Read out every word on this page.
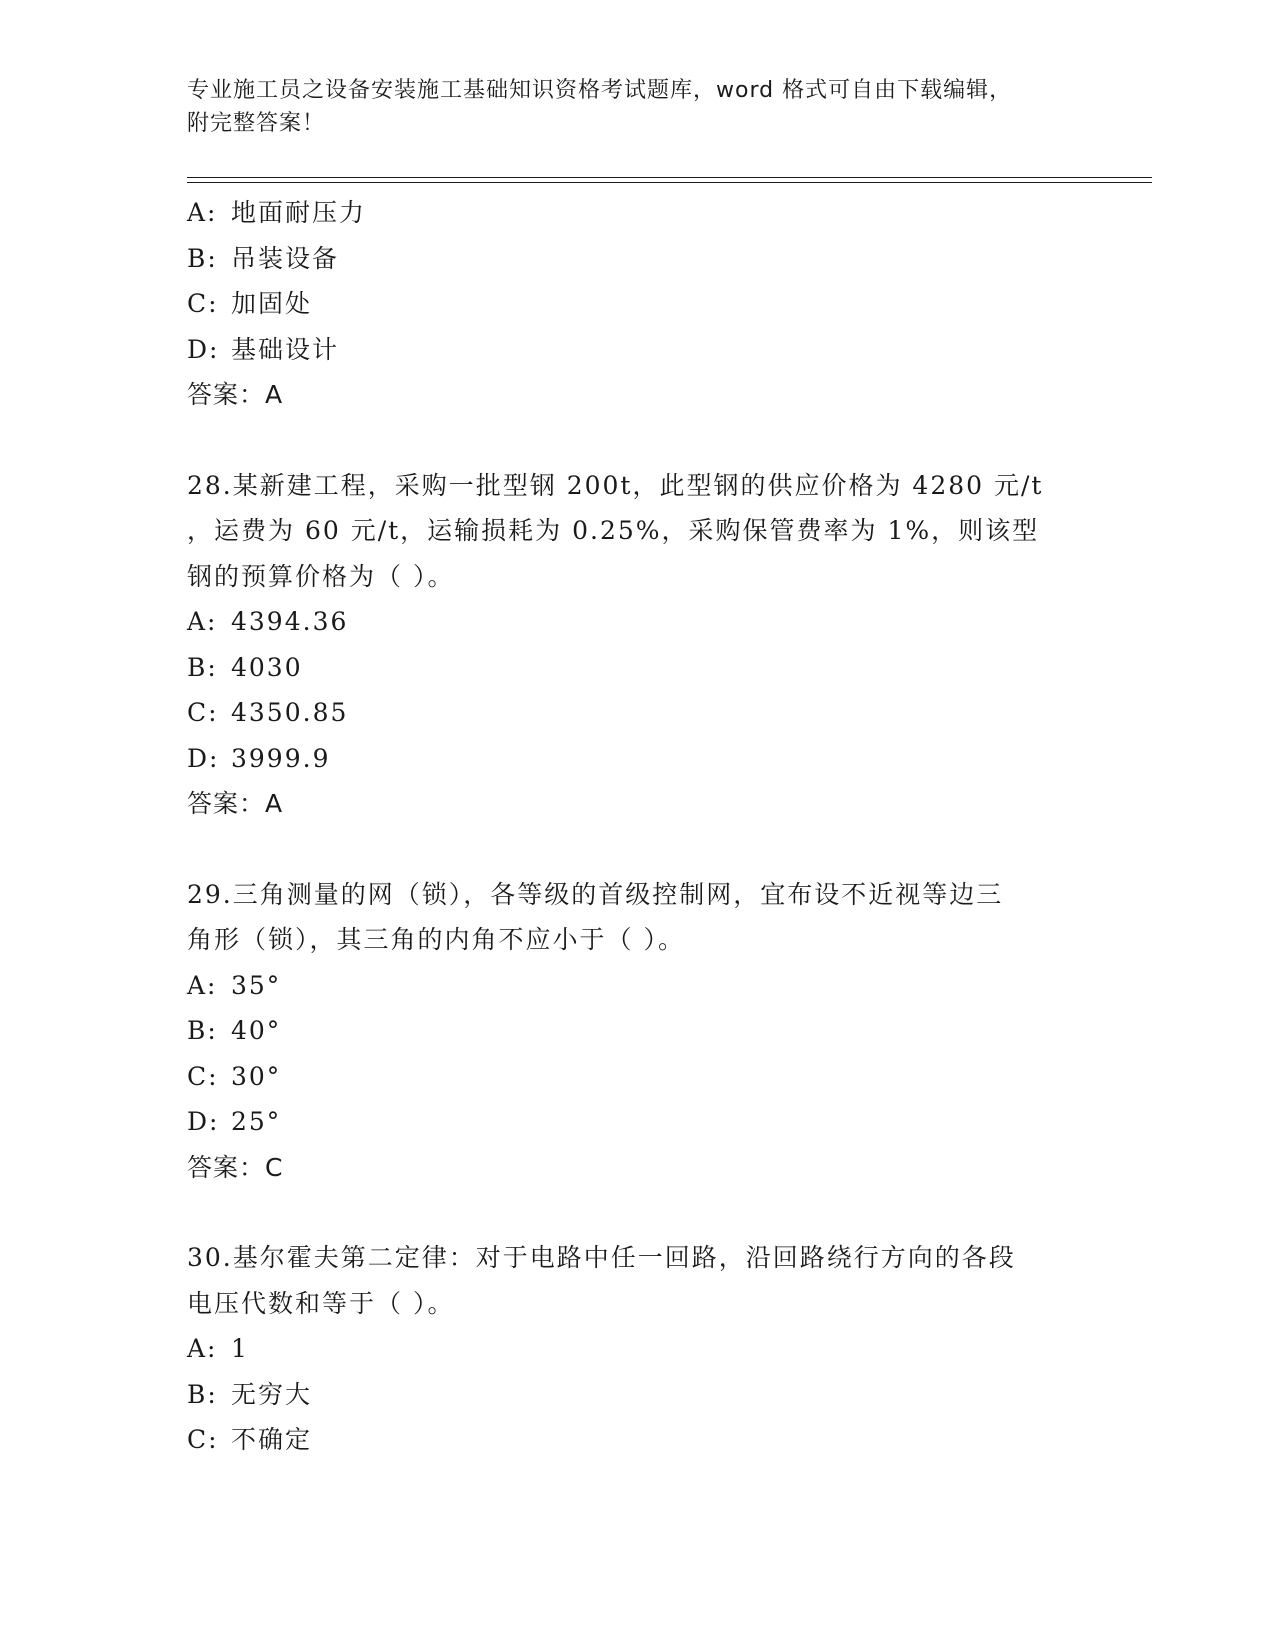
专业施工员之设备安装施工基础知识资格考试题库，word 格式可自由下载编辑，
附完整答案！
A: 地面耐压力
B: 吊装设备
C: 加固处
D: 基础设计
答案：A
28.某新建工程，采购一批型钢 200t，此型钢的供应价格为 4280 元/t
，运费为 60 元/t，运输损耗为 0.25%，采购保管费率为 1%，则该型
钢的预算价格为（ ）。
A: 4394.36
B: 4030
C: 4350.85
D: 3999.9
答案：A
29.三角测量的网（锁），各等级的首级控制网，宜布设不近视等边三
角形（锁），其三角的内角不应小于（ ）。
A: 35°
B: 40°
C: 30°
D: 25°
答案：C
30.基尔霍夫第二定律：对于电路中任一回路，沿回路绕行方向的各段
电压代数和等于（ ）。
A: 1
B: 无穷大
C: 不确定
